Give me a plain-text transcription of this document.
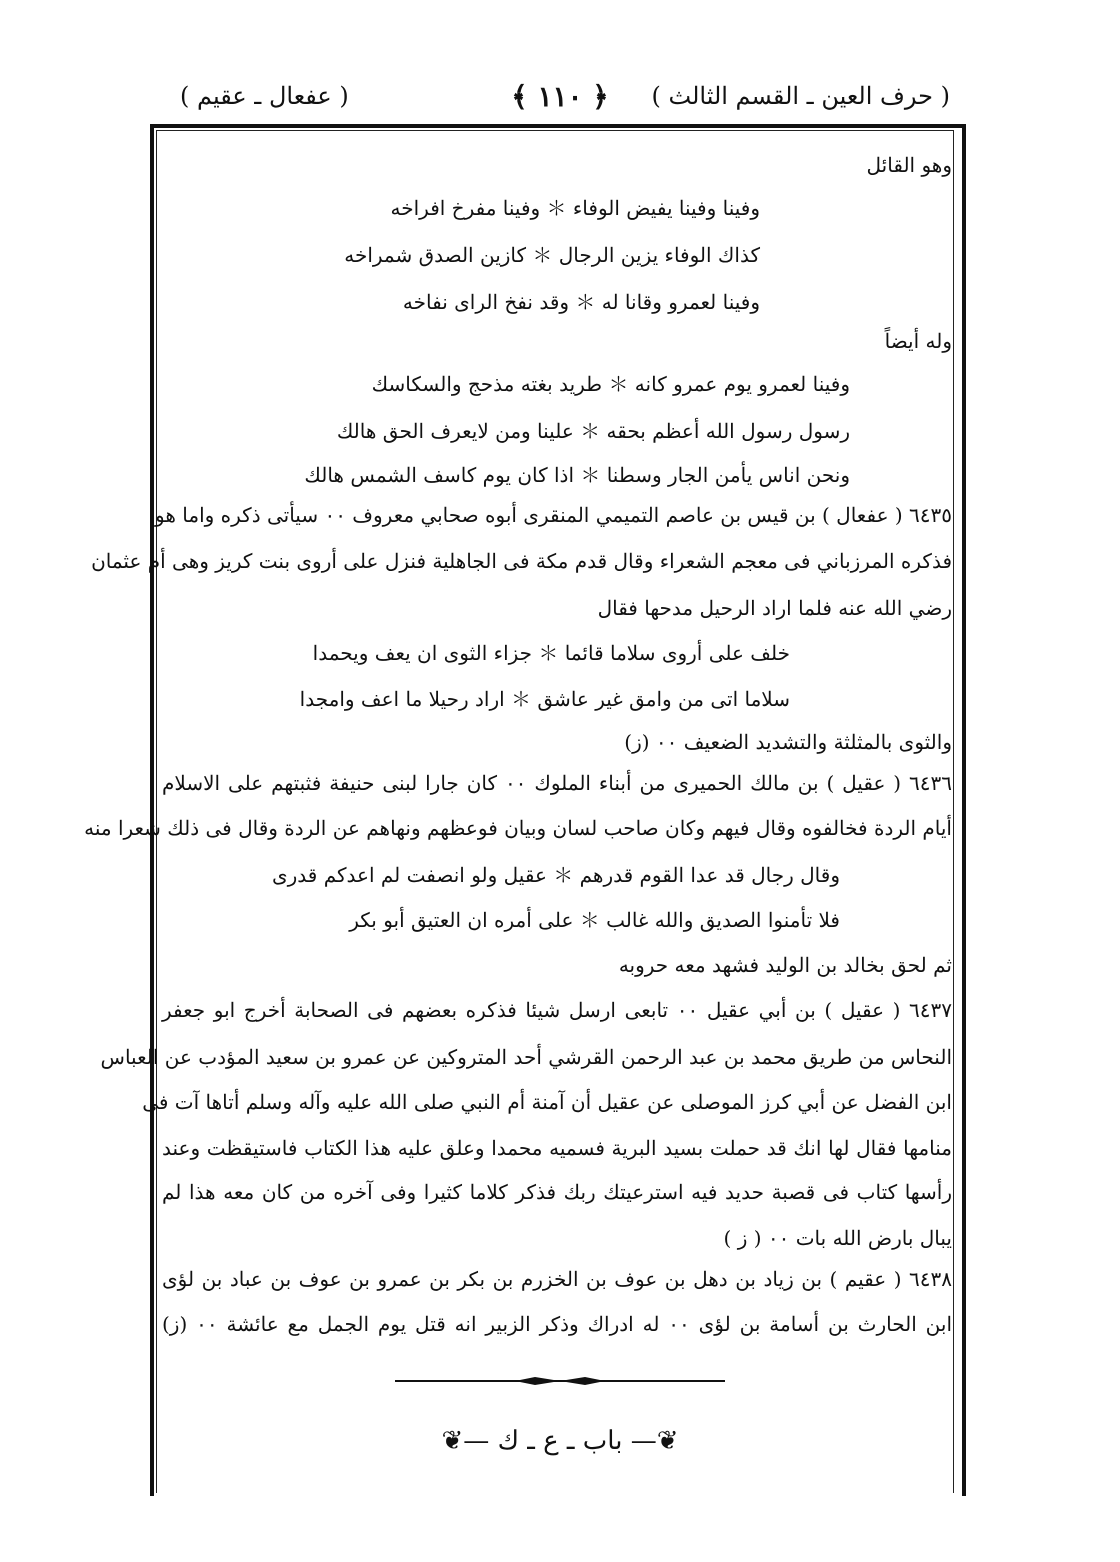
( حرف العين ـ القسم الثالث )
﴿ ١١٠ ﴾
( عفعال ـ عقيم )
وهو القائل
وفينا وفينا يفيض الوفاء ＊ وفينا مفرخ افراخه
كذاك الوفاء يزين الرجال ＊ كازين الصدق شمراخه
وفينا لعمرو وقانا له ＊ وقد نفخ الراى نفاخه
وله أيضاً
وفينا لعمرو يوم عمرو كانه ＊ طريد بغته مذحج والسكاسك
رسول رسول الله أعظم بحقه ＊ علينا ومن لايعرف الحق هالك
ونحن اناس يأمن الجار وسطنا ＊ اذا كان يوم كاسف الشمس هالك
٦٤٣٥ ( عفعال ) بن قيس بن عاصم التميمي المنقرى أبوه صحابي معروف ٠٠ سيأتى ذكره واما هو
فذكره المرزباني فى معجم الشعراء وقال قدم مكة فى الجاهلية فنزل على أروى بنت كريز وهى أم عثمان
رضي الله عنه فلما اراد الرحيل مدحها فقال
خلف على أروى سلاما قائما ＊ جزاء الثوى ان يعف ويحمدا
سلاما اتى من وامق غير عاشق ＊ اراد رحيلا ما اعف وامجدا
والثوى بالمثلثة والتشديد الضعيف ٠٠ (ز)
٦٤٣٦ ( عقيل ) بن مالك الحميرى من أبناء الملوك ٠٠ كان جارا لبنى حنيفة فثبتهم على الاسلام
أيام الردة فخالفوه وقال فيهم وكان صاحب لسان وبيان فوعظهم ونهاهم عن الردة وقال فى ذلك شعرا منه
وقال رجال قد عدا القوم قدرهم ＊ عقيل ولو انصفت لم اعدكم قدرى
فلا تأمنوا الصديق والله غالب ＊ على أمره ان العتيق أبو بكر
ثم لحق بخالد بن الوليد فشهد معه حروبه
٦٤٣٧ ( عقيل ) بن أبي عقيل ٠٠ تابعى ارسل شيئا فذكره بعضهم فى الصحابة أخرج ابو جعفر
النحاس من طريق محمد بن عبد الرحمن القرشي أحد المتروكين عن عمرو بن سعيد المؤدب عن العباس
ابن الفضل عن أبي كرز الموصلى عن عقيل أن آمنة أم النبي صلى الله عليه وآله وسلم أتاها آت فى
منامها فقال لها انك قد حملت بسيد البرية فسميه محمدا وعلق عليه هذا الكتاب فاستيقظت وعند
رأسها كتاب فى قصبة حديد فيه استرعيتك ربك فذكر كلاما كثيرا وفى آخره من كان معه هذا لم
يبال بارض الله بات ٠٠ ( ز )
٦٤٣٨ ( عقيم ) بن زياد بن دهل بن عوف بن الخزرم بن بكر بن عمرو بن عوف بن عباد بن لؤى
ابن الحارث بن أسامة بن لؤى ٠٠ له ادراك وذكر الزبير انه قتل يوم الجمل مع عائشة ٠٠ (ز)
❦— باب ـ ع ـ ك —❦
